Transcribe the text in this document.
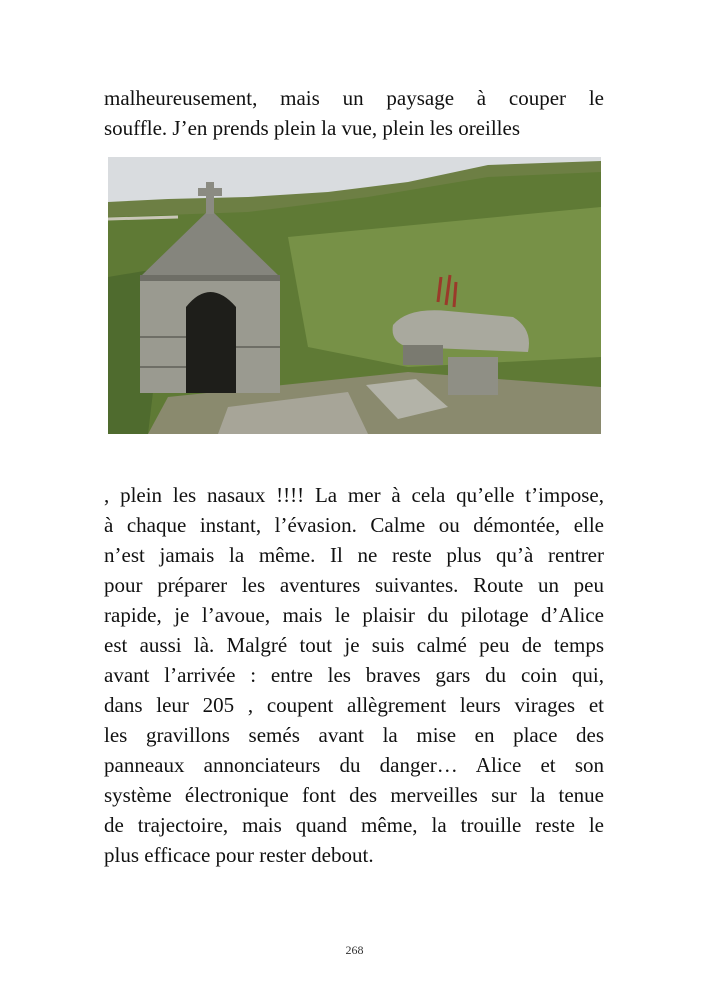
malheureusement, mais un paysage à couper le
souffle. J’en prends plein la vue, plein les oreilles
, plein les nasaux !!!! La mer à cela qu’elle t’impose,
à chaque instant, l’évasion. Calme ou démontée, elle
n’est jamais la même. Il ne reste plus qu’à rentrer
pour préparer les aventures suivantes. Route un peu
rapide, je l’avoue, mais le plaisir du pilotage d’Alice
est aussi là. Malgré tout je suis calmé peu de temps
avant l’arrivée : entre les braves gars du coin qui,
dans leur 205 , coupent allègrement leurs virages et
les gravillons semés avant la mise en place des
panneaux annonciateurs du danger… Alice et son
système électronique font des merveilles sur la tenue
de trajectoire, mais quand même, la trouille reste le
plus efficace pour rester debout.
268
